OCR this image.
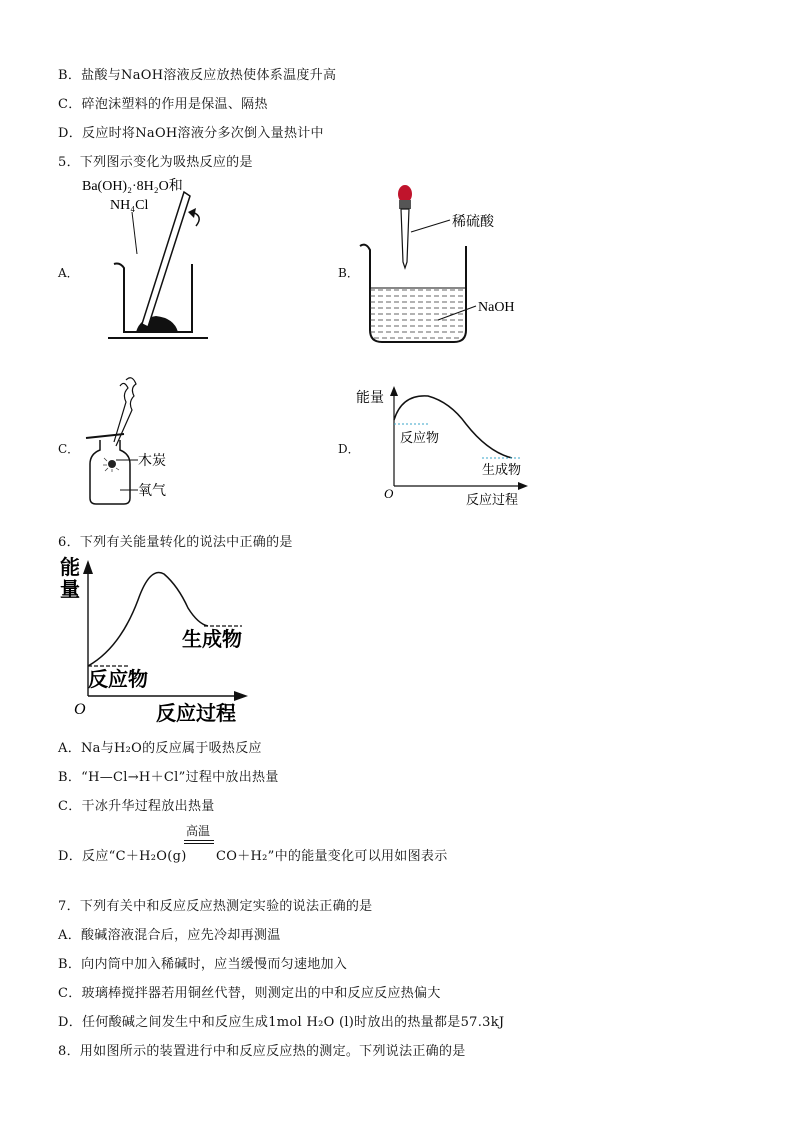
B．盐酸与NaOH溶液反应放热使体系温度升高
C．碎泡沫塑料的作用是保温、隔热
D．反应时将NaOH溶液分多次倒入量热计中
5．下列图示变化为吸热反应的是
A．
Ba(OH)₂·8H₂O和
NH₄Cl
B．
稀硫酸
NaOH
C．
木炭
氧气
D．
能量
反应物
生成物
O	反应过程
6．下列有关能量转化的说法中正确的是
能
量
生成物
反应物
O	反应过程
A．Na与H₂O的反应属于吸热反应
B．“H—Cl→H＋Cl”过程中放出热量
C．干冰升华过程放出热量
高温
D．反应“C＋H₂O(g) CO＋H₂”中的能量变化可以用如图表示
7．下列有关中和反应反应热测定实验的说法正确的是
A．酸碱溶液混合后，应先冷却再测温
B．向内筒中加入稀碱时，应当缓慢而匀速地加入
C．玻璃棒搅拌器若用铜丝代替，则测定出的中和反应反应热偏大
D．任何酸碱之间发生中和反应生成1mol H₂O (l)时放出的热量都是57.3kJ
8．用如图所示的装置进行中和反应反应热的测定。下列说法正确的是
